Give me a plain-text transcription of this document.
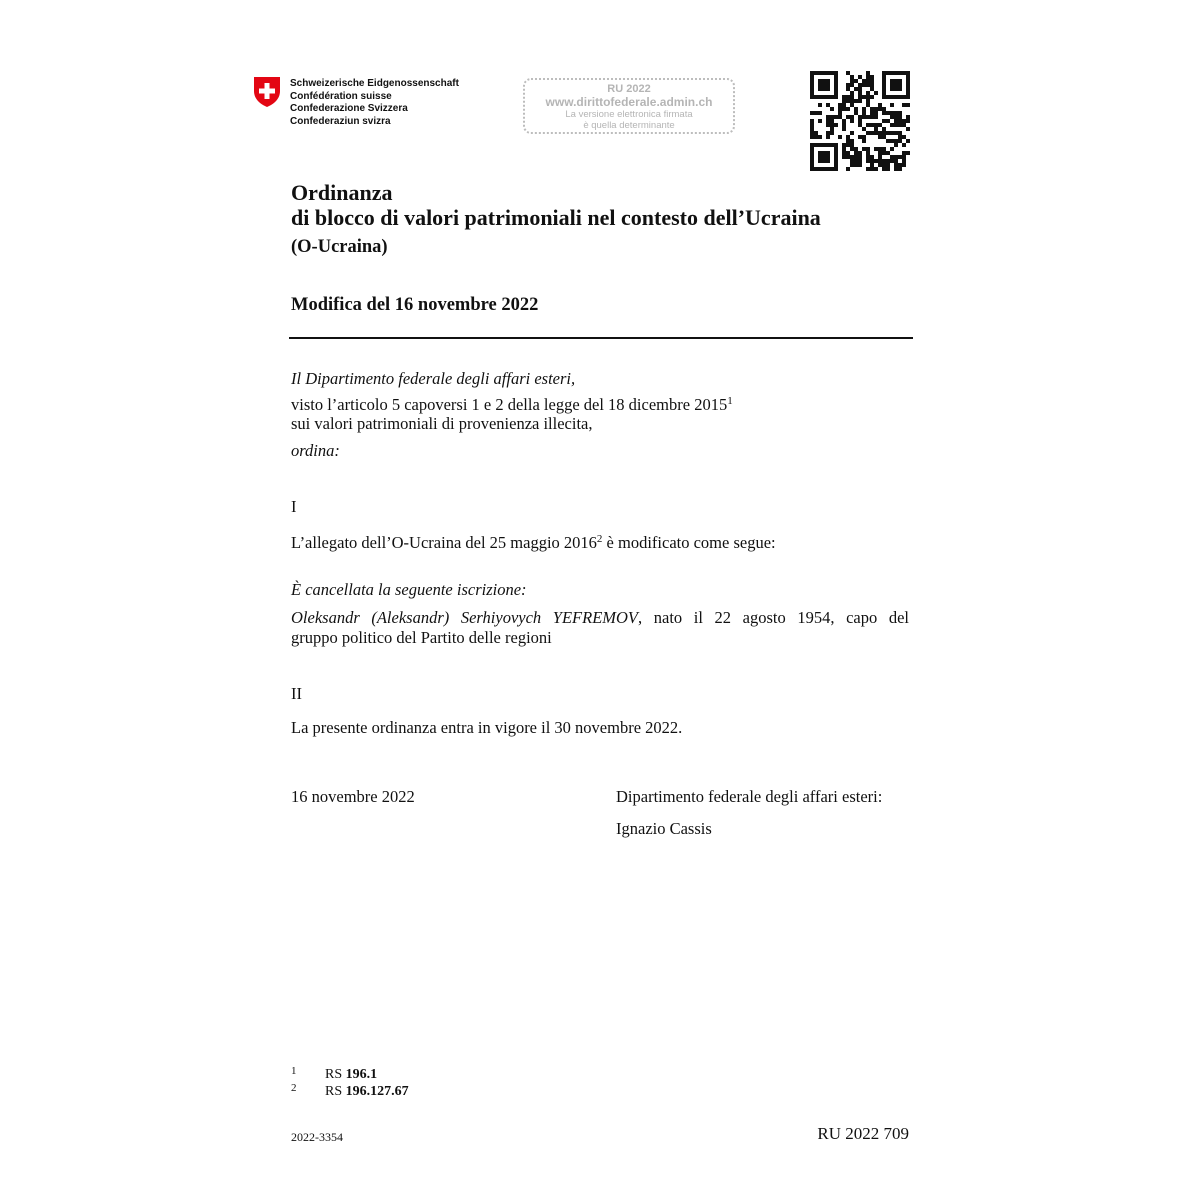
Schweizerische Eidgenossenschaft
Confédération suisse
Confederazione Svizzera
Confederaziun svizra
RU 2022
www.dirittofederale.admin.ch
La versione elettronica firmata
è quella determinante
Ordinanza
di blocco di valori patrimoniali nel contesto dell’Ucraina
(O-Ucraina)
Modifica del 16 novembre 2022
Il Dipartimento federale degli affari esteri,
visto l’articolo 5 capoversi 1 e 2 della legge del 18 dicembre 2015$^1$
sui valori patrimoniali di provenienza illecita,
ordina:
I
L’allegato dell’O-Ucraina del 25 maggio 2016$^2$ è modificato come segue:
È cancellata la seguente iscrizione:
Oleksandr (Aleksandr) Serhiyovych YEFREMOV, nato il 22 agosto 1954, capo del
gruppo politico del Partito delle regioni
II
La presente ordinanza entra in vigore il 30 novembre 2022.
16 novembre 2022	Dipartimento federale degli affari esteri:
Ignazio Cassis
1 RS 196.1
2 RS 196.127.67
2022-3354	RU 2022 709
